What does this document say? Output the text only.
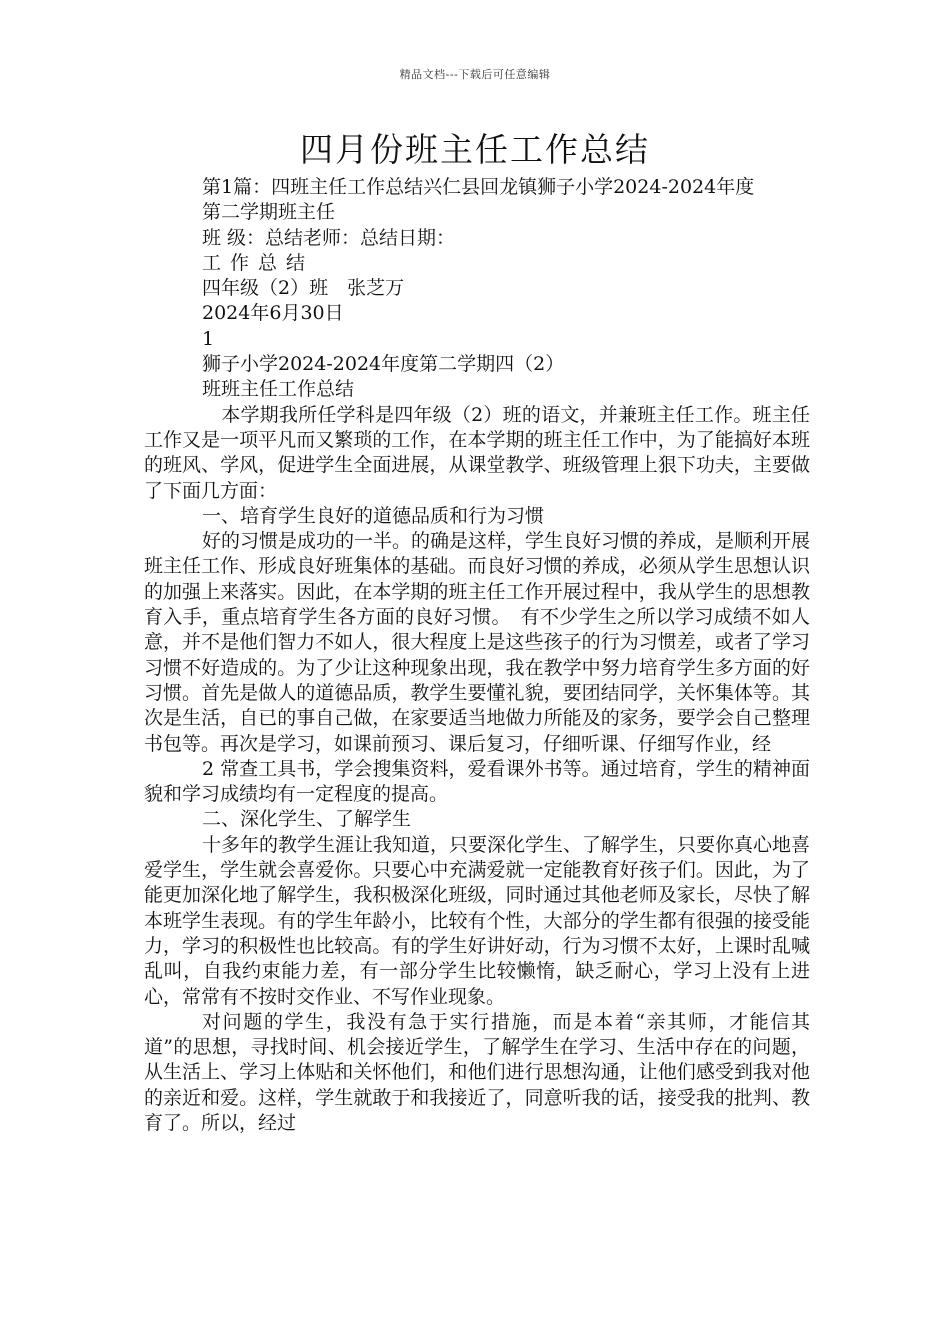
精品文档---下载后可任意编辑
四月份班主任工作总结

第1篇：四班主任工作总结兴仁县回龙镇狮子小学2024-2024年度

第二学期班主任

班 级：总结老师：总结日期：

工作总结

四年级（2）班　张芝万

2024年6月30日

1

狮子小学2024-2024年度第二学期四（2）

班班主任工作总结

　本学期我所任学科是四年级（2）班的语文，并兼班主任工作。班主任工作又是一项平凡而又繁琐的工作，在本学期的班主任工作中，为了能搞好本班的班风、学风，促进学生全面进展，从课堂教学、班级管理上狠下功夫，主要做了下面几方面：

一、培育学生良好的道德品质和行为习惯

好的习惯是成功的一半。的确是这样，学生良好习惯的养成，是顺利开展班主任工作、形成良好班集体的基础。而良好习惯的养成，必须从学生思想认识的加强上来落实。因此，在本学期的班主任工作开展过程中，我从学生的思想教育入手，重点培育学生各方面的良好习惯。　有不少学生之所以学习成绩不如人意，并不是他们智力不如人，很大程度上是这些孩子的行为习惯差，或者了学习习惯不好造成的。为了少让这种现象出现，我在教学中努力培育学生多方面的好习惯。首先是做人的道德品质，教学生要懂礼貌，要团结同学，关怀集体等。其次是生活，自已的事自己做，在家要适当地做力所能及的家务，要学会自己整理书包等。再次是学习，如课前预习、课后复习，仔细听课、仔细写作业，经

2 常查工具书，学会搜集资料，爱看课外书等。通过培育，学生的精神面貌和学习成绩均有一定程度的提高。

二、深化学生、了解学生

十多年的教学生涯让我知道，只要深化学生、了解学生，只要你真心地喜爱学生，学生就会喜爱你。只要心中充满爱就一定能教育好孩子们。因此，为了能更加深化地了解学生，我积极深化班级，同时通过其他老师及家长，尽快了解本班学生表现。有的学生年龄小，比较有个性，大部分的学生都有很强的接受能力，学习的积极性也比较高。有的学生好讲好动，行为习惯不太好，上课时乱喊乱叫，自我约束能力差，有一部分学生比较懒惰，缺乏耐心，学习上没有上进心，常常有不按时交作业、不写作业现象。

对问题的学生，我没有急于实行措施，而是本着“亲其师，才能信其道”的思想，寻找时间、机会接近学生，了解学生在学习、生活中存在的问题，从生活上、学习上体贴和关怀他们，和他们进行思想沟通，让他们感受到我对他的亲近和爱。这样，学生就敢于和我接近了，同意听我的话，接受我的批判、教育了。所以，经过
